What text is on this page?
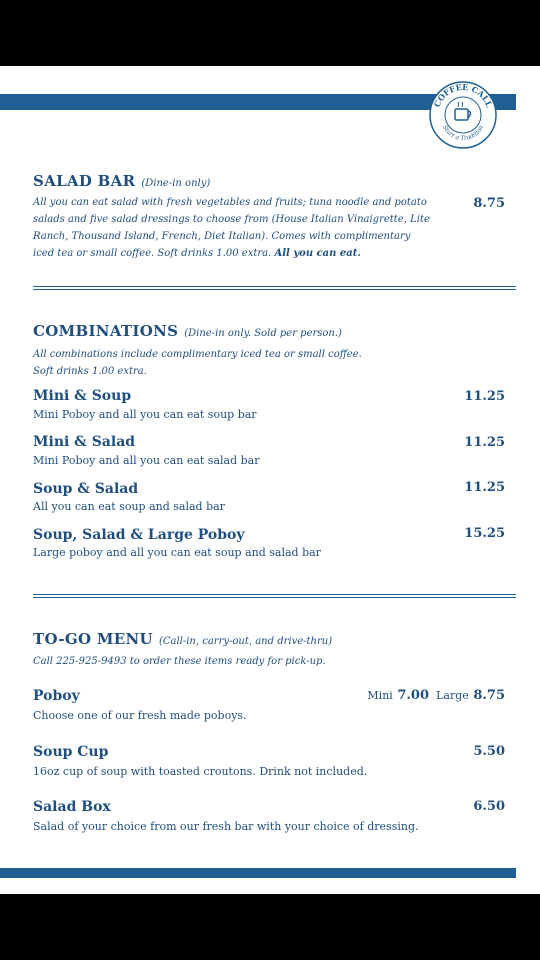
COFFEE CALL
Start a Tradition
SALAD BAR (Dine-in only)
All you can eat salad with fresh vegetables and fruits; tuna noodle and potato
salads and five salad dressings to choose from (House Italian Vinaigrette, Lite
Ranch, Thousand Island, French, Diet Italian). Comes with complimentary
iced tea or small coffee. Soft drinks 1.00 extra. All you can eat.
8.75
COMBINATIONS (Dine-in only. Sold per person.)
All combinations include complimentary iced tea or small coffee.
Soft drinks 1.00 extra.
Mini & Soup
Mini Poboy and all you can eat soup bar
11.25
Mini & Salad
Mini Poboy and all you can eat salad bar
11.25
Soup & Salad
All you can eat soup and salad bar
11.25
Soup, Salad & Large Poboy
Large poboy and all you can eat soup and salad bar
15.25
TO-GO MENU (Call-in, carry-out, and drive-thru)
Call 225-925-9493 to order these items ready for pick-up.
Poboy
Choose one of our fresh made poboys.
Mini 7.00 Large 8.75
Soup Cup
16oz cup of soup with toasted croutons. Drink not included.
5.50
Salad Box
Salad of your choice from our fresh bar with your choice of dressing.
6.50
